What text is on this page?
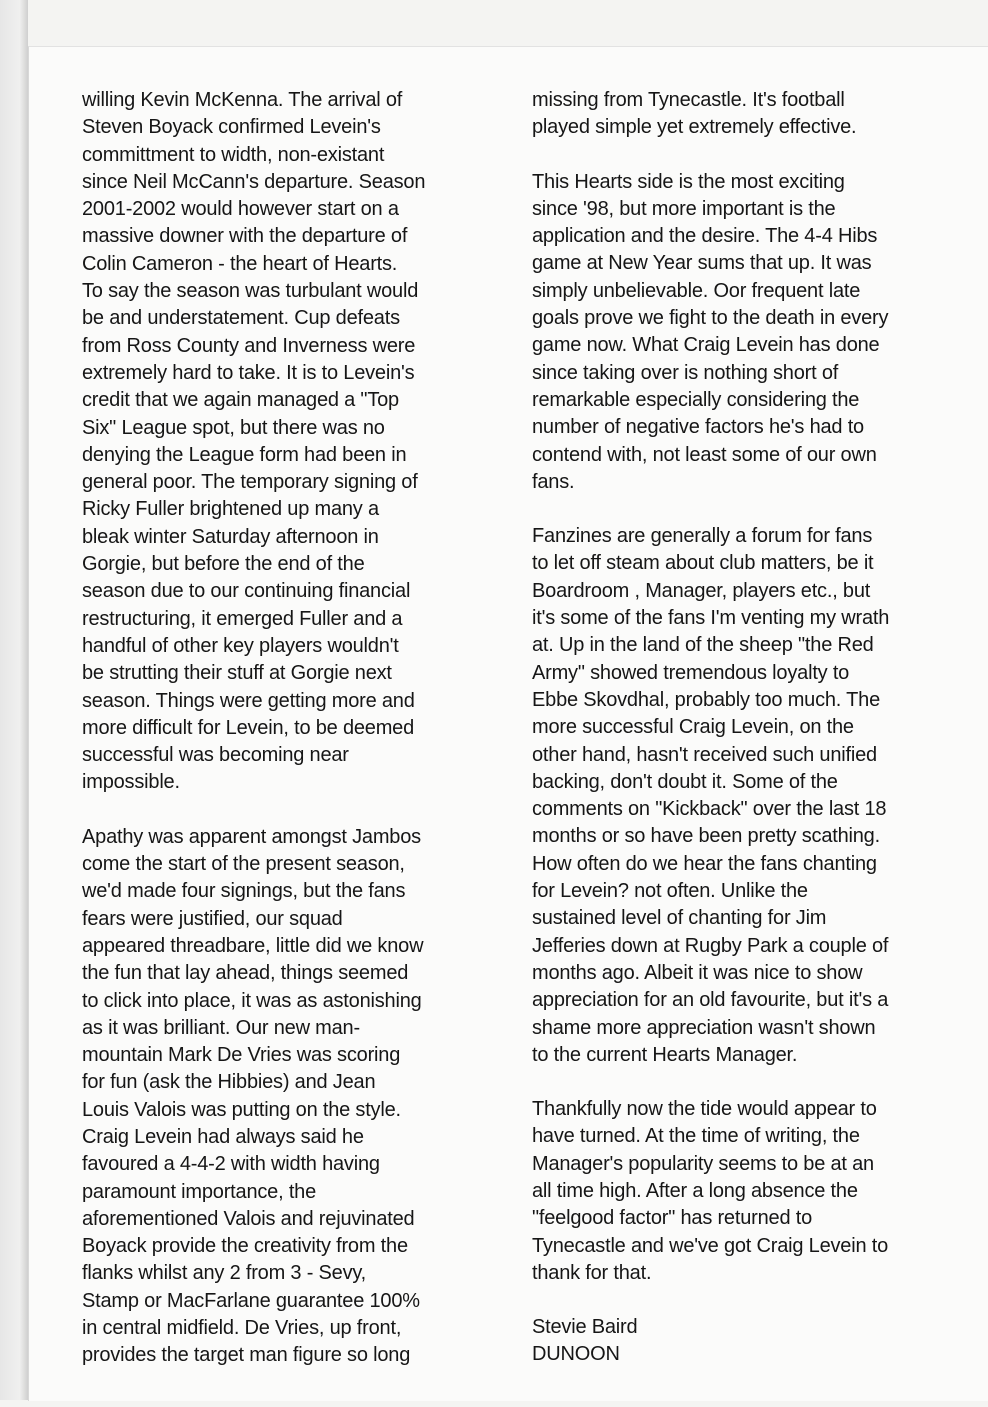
willing Kevin McKenna. The arrival of
Steven Boyack confirmed Levein's
committment to width, non-existant
since Neil McCann's departure. Season
2001-2002 would however start on a
massive downer with the departure of
Colin Cameron - the heart of Hearts.
To say the season was turbulant would
be and understatement. Cup defeats
from Ross County and Inverness were
extremely hard to take. It is to Levein's
credit that we again managed a "Top
Six" League spot, but there was no
denying the League form had been in
general poor. The temporary signing of
Ricky Fuller brightened up many a
bleak winter Saturday afternoon in
Gorgie, but before the end of the
season due to our continuing financial
restructuring, it emerged Fuller and a
handful of other key players wouldn't
be strutting their stuff at Gorgie next
season. Things were getting more and
more difficult for Levein, to be deemed
successful was becoming near
impossible.
Apathy was apparent amongst Jambos
come the start of the present season,
we'd made four signings, but the fans
fears were justified, our squad
appeared threadbare, little did we know
the fun that lay ahead, things seemed
to click into place, it was as astonishing
as it was brilliant. Our new man-
mountain Mark De Vries was scoring
for fun (ask the Hibbies) and Jean
Louis Valois was putting on the style.
Craig Levein had always said he
favoured a 4-4-2 with width having
paramount importance, the
aforementioned Valois and rejuvinated
Boyack provide the creativity from the
flanks whilst any 2 from 3 - Sevy,
Stamp or MacFarlane guarantee 100%
in central midfield. De Vries, up front,
provides the target man figure so long
missing from Tynecastle. It's football
played simple yet extremely effective.
This Hearts side is the most exciting
since '98, but more important is the
application and the desire. The 4-4 Hibs
game at New Year sums that up. It was
simply unbelievable. Oor frequent late
goals prove we fight to the death in every
game now. What Craig Levein has done
since taking over is nothing short of
remarkable especially considering the
number of negative factors he's had to
contend with, not least some of our own
fans.
Fanzines are generally a forum for fans
to let off steam about club matters, be it
Boardroom , Manager, players etc., but
it's some of the fans I'm venting my wrath
at. Up in the land of the sheep "the Red
Army" showed tremendous loyalty to
Ebbe Skovdhal, probably too much. The
more successful Craig Levein, on the
other hand, hasn't received such unified
backing, don't doubt it. Some of the
comments on "Kickback" over the last 18
months or so have been pretty scathing.
How often do we hear the fans chanting
for Levein? not often. Unlike the
sustained level of chanting for Jim
Jefferies down at Rugby Park a couple of
months ago. Albeit it was nice to show
appreciation for an old favourite, but it's a
shame more appreciation wasn't shown
to the current Hearts Manager.
Thankfully now the tide would appear to
have turned. At the time of writing, the
Manager's popularity seems to be at an
all time high. After a long absence the
"feelgood factor" has returned to
Tynecastle and we've got Craig Levein to
thank for that.
Stevie Baird
DUNOON
